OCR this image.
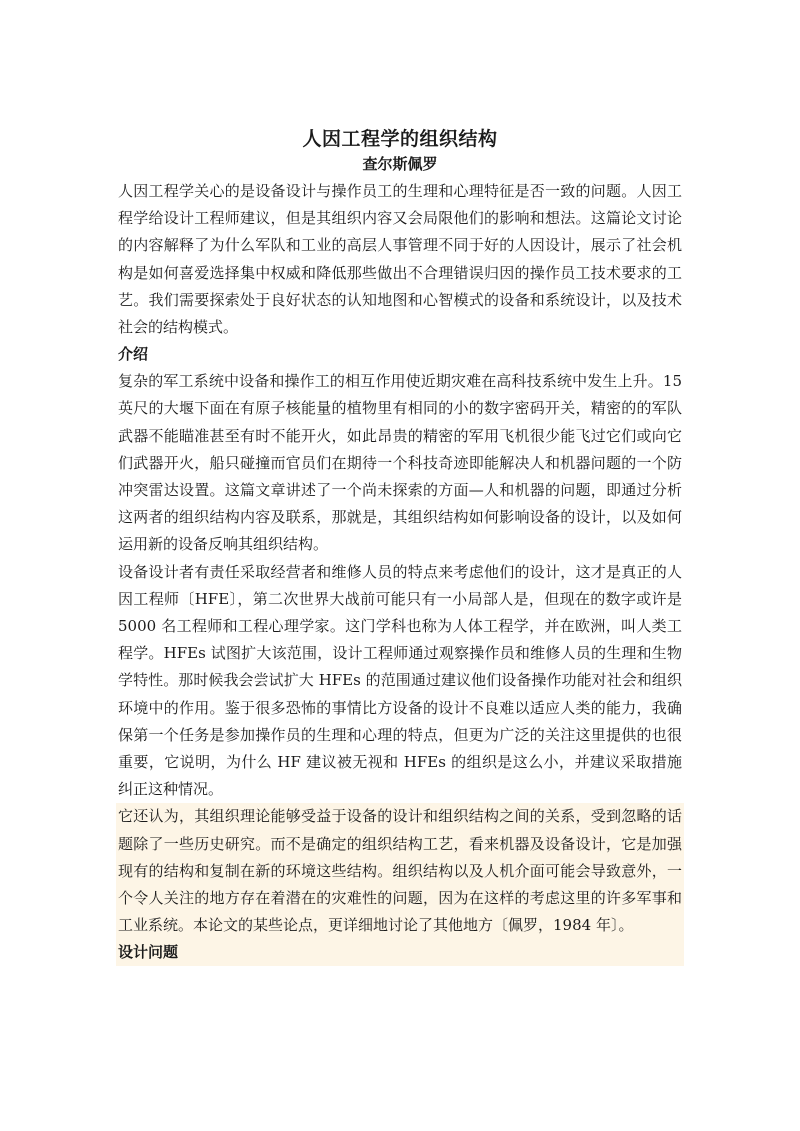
人因工程学的组织结构

查尔斯佩罗

人因工程学关心的是设备设计与操作员工的生理和心理特征是否一致的问题。人因工程学给设计工程师建议，但是其组织内容又会局限他们的影响和想法。这篇论文讨论的内容解释了为什么军队和工业的高层人事管理不同于好的人因设计，展示了社会机构是如何喜爱选择集中权威和降低那些做出不合理错误归因的操作员工技术要求的工艺。我们需要探索处于良好状态的认知地图和心智模式的设备和系统设计，以及技术社会的结构模式。

介绍

复杂的军工系统中设备和操作工的相互作用使近期灾难在高科技系统中发生上升。15 英尺的大堰下面在有原子核能量的植物里有相同的小的数字密码开关，精密的的军队武器不能瞄准甚至有时不能开火，如此昂贵的精密的军用飞机很少能飞过它们或向它们武器开火，船只碰撞而官员们在期待一个科技奇迹即能解决人和机器问题的一个防冲突雷达设置。这篇文章讲述了一个尚未探索的方面—人和机器的问题，即通过分析这两者的组织结构内容及联系，那就是，其组织结构如何影响设备的设计，以及如何运用新的设备反响其组织结构。

设备设计者有责任采取经营者和维修人员的特点来考虑他们的设计，这才是真正的人因工程师〔HFE〕，第二次世界大战前可能只有一小局部人是，但现在的数字或许是 5000 名工程师和工程心理学家。这门学科也称为人体工程学，并在欧洲，叫人类工程学。HFEs 试图扩大该范围，设计工程师通过观察操作员和维修人员的生理和生物学特性。那时候我会尝试扩大 HFEs 的范围通过建议他们设备操作功能对社会和组织环境中的作用。鉴于很多恐怖的事情比方设备的设计不良难以适应人类的能力，我确保第一个任务是参加操作员的生理和心理的特点，但更为广泛的关注这里提供的也很重要，它说明，为什么 HF 建议被无视和 HFEs 的组织是这么小，并建议采取措施纠正这种情况。

它还认为，其组织理论能够受益于设备的设计和组织结构之间的关系，受到忽略的话题除了一些历史研究。而不是确定的组织结构工艺，看来机器及设备设计，它是加强现有的结构和复制在新的环境这些结构。组织结构以及人机介面可能会导致意外，一个令人关注的地方存在着潜在的灾难性的问题，因为在这样的考虑这里的许多军事和工业系统。本论文的某些论点，更详细地讨论了其他地方〔佩罗，1984 年〕。

设计问题
